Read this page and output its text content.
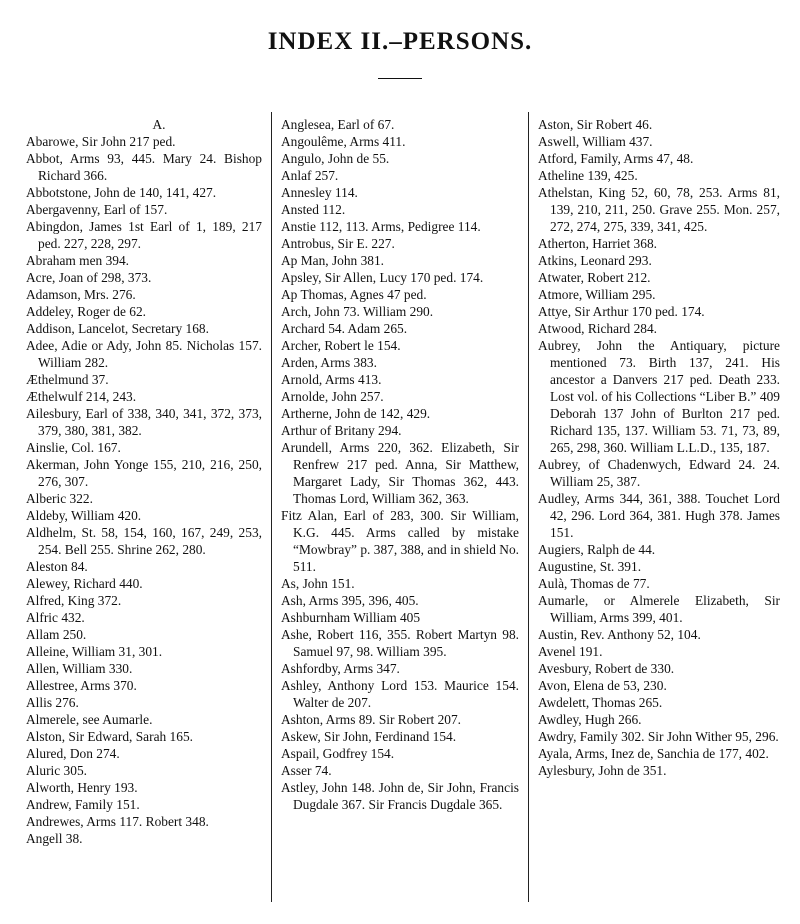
INDEX II.–PERSONS.
A.

Abarowe, Sir John 217 ped.

Abbot, Arms 93, 445. Mary 24. Bishop Richard 366.

Abbotstone, John de 140, 141, 427.

Abergavenny, Earl of 157.

Abingdon, James 1st Earl of 1, 189, 217 ped. 227, 228, 297.

Abraham men 394.

Acre, Joan of 298, 373.

Adamson, Mrs. 276.

Addeley, Roger de 62.

Addison, Lancelot, Secretary 168.

Adee, Adie or Ady, John 85. Nicholas 157. William 282.

Æthelmund 37.

Æthelwulf 214, 243.

Ailesbury, Earl of 338, 340, 341, 372, 373, 379, 380, 381, 382.

Ainslie, Col. 167.

Akerman, John Yonge 155, 210, 216, 250, 276, 307.

Alberic 322.

Aldeby, William 420.

Aldhelm, St. 58, 154, 160, 167, 249, 253, 254. Bell 255. Shrine 262, 280.

Aleston 84.

Alewey, Richard 440.

Alfred, King 372.

Alfric 432.

Allam 250.

Alleine, William 31, 301.

Allen, William 330.

Allestree, Arms 370.

Allis 276.

Almerele, see Aumarle.

Alston, Sir Edward, Sarah 165.

Alured, Don 274.

Aluric 305.

Alworth, Henry 193.

Andrew, Family 151.

Andrewes, Arms 117. Robert 348.

Angell 38.

Anglesea, Earl of 67.

Angoulême, Arms 411.

Angulo, John de 55.

Anlaf 257.

Annesley 114.

Ansted 112.

Anstie 112, 113. Arms, Pedigree 114.

Antrobus, Sir E. 227.

Ap Man, John 381.

Apsley, Sir Allen, Lucy 170 ped. 174.

Ap Thomas, Agnes 47 ped.

Arch, John 73. William 290.

Archard 54. Adam 265.

Archer, Robert le 154.

Arden, Arms 383.

Arnold, Arms 413.

Arnolde, John 257.

Artherne, John de 142, 429.

Arthur of Britany 294.

Arundell, Arms 220, 362. Elizabeth, Sir Renfrew 217 ped. Anna, Sir Matthew, Margaret Lady, Sir Thomas 362, 443. Thomas Lord, William 362, 363.

Fitz Alan, Earl of 283, 300. Sir William, K.G. 445. Arms called by mistake “Mowbray” p. 387, 388, and in shield No. 511.

As, John 151.

Ash, Arms 395, 396, 405.

Ashburnham William 405

Ashe, Robert 116, 355. Robert Martyn 98. Samuel 97, 98. William 395.

Ashfordby, Arms 347.

Ashley, Anthony Lord 153. Maurice 154. Walter de 207.

Ashton, Arms 89. Sir Robert 207.

Askew, Sir John, Ferdinand 154.

Aspail, Godfrey 154.

Asser 74.

Astley, John 148. John de, Sir John, Francis Dugdale 367. Sir Francis Dugdale 365.

Aston, Sir Robert 46.

Aswell, William 437.

Atford, Family, Arms 47, 48.

Atheline 139, 425.

Athelstan, King 52, 60, 78, 253. Arms 81, 139, 210, 211, 250. Grave 255. Mon. 257, 272, 274, 275, 339, 341, 425.

Atherton, Harriet 368.

Atkins, Leonard 293.

Atwater, Robert 212.

Atmore, William 295.

Attye, Sir Arthur 170 ped. 174.

Atwood, Richard 284.

Aubrey, John the Antiquary, picture mentioned 73. Birth 137, 241. His ancestor a Danvers 217 ped. Death 233. Lost vol. of his Collections “Liber B.” 409 Deborah 137 John of Burlton 217 ped. Richard 135, 137. William 53. 71, 73, 89, 265, 298, 360. William L.L.D., 135, 187.

Aubrey, of Chadenwych, Edward 24. 24. William 25, 387.

Audley, Arms 344, 361, 388. Touchet Lord 42, 296. Lord 364, 381. Hugh 378. James 151.

Augiers, Ralph de 44.

Augustine, St. 391.

Aulà, Thomas de 77.

Aumarle, or Almerele Elizabeth, Sir William, Arms 399, 401.

Austin, Rev. Anthony 52, 104.

Avenel 191.

Avesbury, Robert de 330.

Avon, Elena de 53, 230.

Awdelett, Thomas 265.

Awdley, Hugh 266.

Awdry, Family 302. Sir John Wither 95, 296.

Ayala, Arms, Inez de, Sanchia de 177, 402.

Aylesbury, John de 351.
